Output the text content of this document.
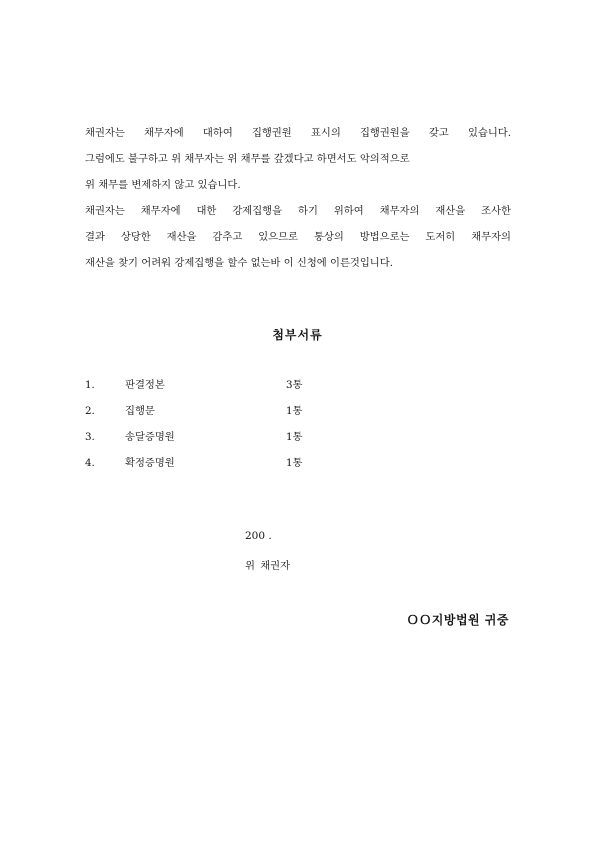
채권자는 채무자에 대하여 집행권원 표시의 집행권원을 갖고 있습니다.
그럼에도 불구하고 위 채무자는 위 채무를 갚겠다고 하면서도 악의적으로
위 채무를 변제하지 않고 있습니다.
채권자는 채무자에 대한 강제집행을 하기 위하여 채무자의 재산을 조사한
결과 상당한 재산을 감추고 있으므로 통상의 방법으로는 도저히 채무자의
재산을 찾기 어려워 강제집행을 할수 없는바 이 신청에 이른것입니다.
첨부서류
1.	판결정본	3통
2.	집행문	1통
3.	송달증명원	1통
4.	확정증명원	1통
200 .
위 채권자
ＯＯ지방법원 귀중
